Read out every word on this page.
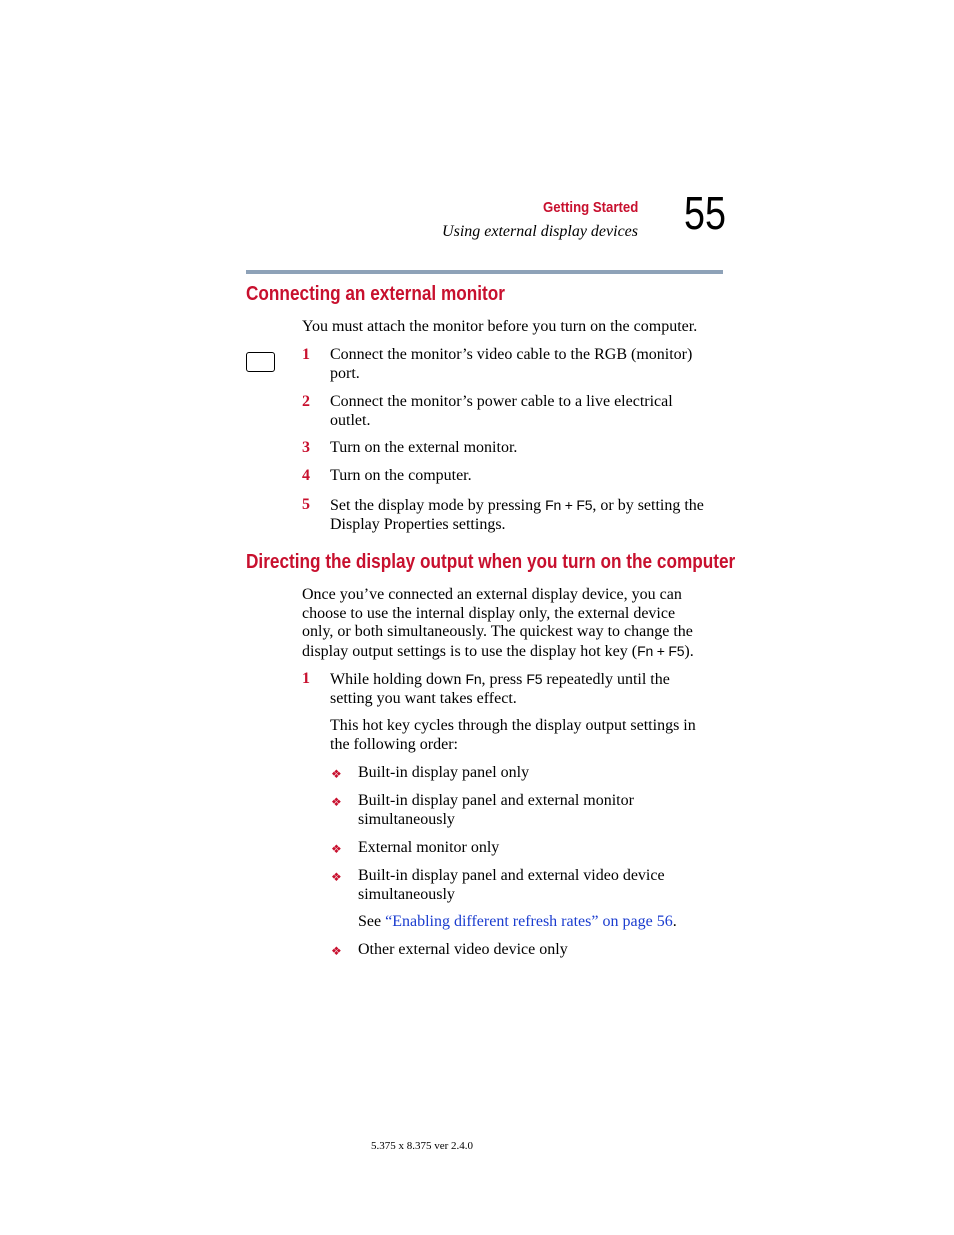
Getting Started
Using external display devices 55
Connecting an external monitor
You must attach the monitor before you turn on the computer.
1 Connect the monitor’s video cable to the RGB (monitor)
port.
2 Connect the monitor’s power cable to a live electrical
outlet.
3 Turn on the external monitor.
4 Turn on the computer.
5 Set the display mode by pressing Fn + F5, or by setting the
Display Properties settings.
Directing the display output when you turn on the computer
Once you’ve connected an external display device, you can
choose to use the internal display only, the external device
only, or both simultaneously. The quickest way to change the
display output settings is to use the display hot key (Fn + F5).
1 While holding down Fn, press F5 repeatedly until the
setting you want takes effect.
This hot key cycles through the display output settings in
the following order:
❖ Built-in display panel only
❖ Built-in display panel and external monitor
simultaneously
❖ External monitor only
❖ Built-in display panel and external video device
simultaneously
See “Enabling different refresh rates” on page 56.
❖ Other external video device only
5.375 x 8.375 ver 2.4.0
